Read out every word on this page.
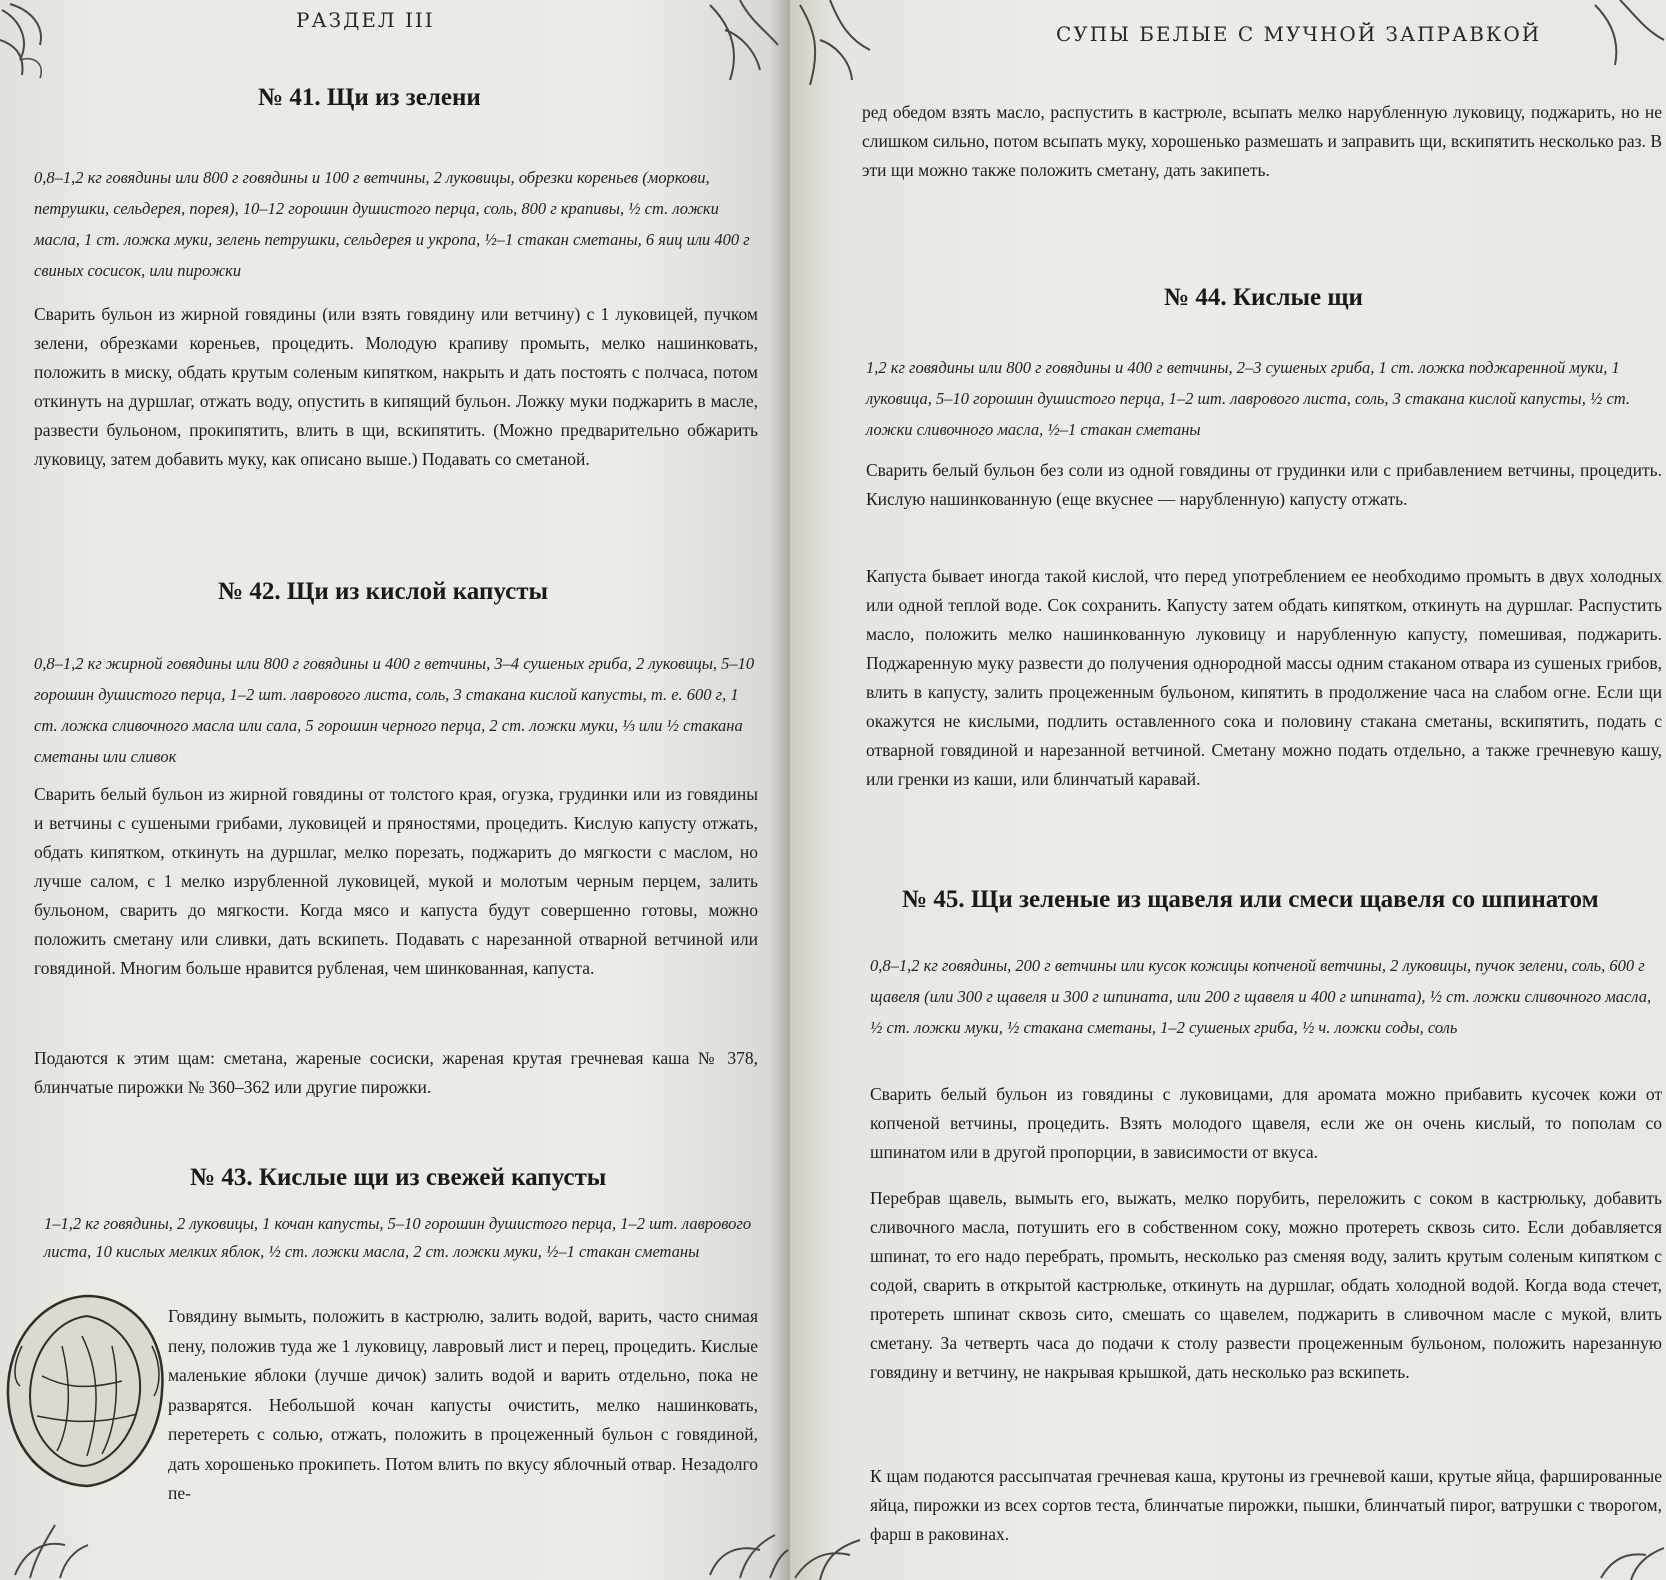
РАЗДЕЛ III
№ 41. Щи из зелени
0,8–1,2 кг говядины или 800 г говядины и 100 г ветчины, 2 луковицы, обрезки кореньев (моркови, петрушки, сельдерея, порея), 10–12 горошин душистого перца, соль, 800 г крапивы, ½ ст. ложки масла, 1 ст. ложка муки, зелень петрушки, сельдерея и укропа, ½–1 стакан сметаны, 6 яиц или 400 г свиных сосисок, или пирожки
Сварить бульон из жирной говядины (или взять говядину или ветчину) с 1 луковицей, пучком зелени, обрезками кореньев, процедить. Молодую крапиву промыть, мелко нашинковать, положить в миску, обдать крутым соленым кипятком, накрыть и дать постоять с полчаса, потом откинуть на дуршлаг, отжать воду, опустить в кипящий бульон. Ложку муки поджарить в масле, развести бульоном, прокипятить, влить в щи, вскипятить. (Можно предварительно обжарить луковицу, затем добавить муку, как описано выше.) Подавать со сметаной.
№ 42. Щи из кислой капусты
0,8–1,2 кг жирной говядины или 800 г говядины и 400 г ветчины, 3–4 сушеных гриба, 2 луковицы, 5–10 горошин душистого перца, 1–2 шт. лаврового листа, соль, 3 стакана кислой капусты, т. е. 600 г, 1 ст. ложка сливочного масла или сала, 5 горошин черного перца, 2 ст. ложки муки, ⅓ или ½ стакана сметаны или сливок
Сварить белый бульон из жирной говядины от толстого края, огузка, грудинки или из говядины и ветчины с сушеными грибами, луковицей и пряностями, процедить. Кислую капусту отжать, обдать кипятком, откинуть на дуршлаг, мелко порезать, поджарить до мягкости с маслом, но лучше салом, с 1 мелко изрубленной луковицей, мукой и молотым черным перцем, залить бульоном, сварить до мягкости. Когда мясо и капуста будут совершенно готовы, можно положить сметану или сливки, дать вскипеть. Подавать с нарезанной отварной ветчиной или говядиной. Многим больше нравится рубленая, чем шинкованная, капуста.
Подаются к этим щам: сметана, жареные сосиски, жареная крутая гречневая каша № 378, блинчатые пирожки № 360–362 или другие пирожки.
№ 43. Кислые щи из свежей капусты
1–1,2 кг говядины, 2 луковицы, 1 кочан капусты, 5–10 горошин душистого перца, 1–2 шт. лаврового листа, 10 кислых мелких яблок, ½ ст. ложки масла, 2 ст. ложки муки, ½–1 стакан сметаны
Говядину вымыть, положить в кастрюлю, залить водой, варить, часто снимая пену, положив туда же 1 луковицу, лавровый лист и перец, процедить. Кислые маленькие яблоки (лучше дичок) залить водой и варить отдельно, пока не разварятся. Небольшой кочан капусты очистить, мелко нашинковать, перетереть с солью, отжать, положить в процеженный бульон с говядиной, дать хорошенько прокипеть. Потом влить по вкусу яблочный отвар. Незадолго пе-
СУПЫ БЕЛЫЕ С МУЧНОЙ ЗАПРАВКОЙ
ред обедом взять масло, распустить в кастрюле, всыпать мелко нарубленную луковицу, поджарить, но не слишком сильно, потом всыпать муку, хорошенько размешать и заправить щи, вскипятить несколько раз. В эти щи можно также положить сметану, дать закипеть.
№ 44. Кислые щи
1,2 кг говядины или 800 г говядины и 400 г ветчины, 2–3 сушеных гриба, 1 ст. ложка поджаренной муки, 1 луковица, 5–10 горошин душистого перца, 1–2 шт. лаврового листа, соль, 3 стакана кислой капусты, ½ ст. ложки сливочного масла, ½–1 стакан сметаны
Сварить белый бульон без соли из одной говядины от грудинки или с прибавлением ветчины, процедить. Кислую нашинкованную (еще вкуснее — нарубленную) капусту отжать.
Капуста бывает иногда такой кислой, что перед употреблением ее необходимо промыть в двух холодных или одной теплой воде. Сок сохранить. Капусту затем обдать кипятком, откинуть на дуршлаг. Распустить масло, положить мелко нашинкованную луковицу и нарубленную капусту, помешивая, поджарить. Поджаренную муку развести до получения однородной массы одним стаканом отвара из сушеных грибов, влить в капусту, залить процеженным бульоном, кипятить в продолжение часа на слабом огне. Если щи окажутся не кислыми, подлить оставленного сока и половину стакана сметаны, вскипятить, подать с отварной говядиной и нарезанной ветчиной. Сметану можно подать отдельно, а также гречневую кашу, или гренки из каши, или блинчатый каравай.
№ 45. Щи зеленые из щавеля или смеси щавеля со шпинатом
0,8–1,2 кг говядины, 200 г ветчины или кусок кожицы копченой ветчины, 2 луковицы, пучок зелени, соль, 600 г щавеля (или 300 г щавеля и 300 г шпината, или 200 г щавеля и 400 г шпината), ½ ст. ложки сливочного масла, ½ ст. ложки муки, ½ стакана сметаны, 1–2 сушеных гриба, ½ ч. ложки соды, соль
Сварить белый бульон из говядины с луковицами, для аромата можно прибавить кусочек кожи от копченой ветчины, процедить. Взять молодого щавеля, если же он очень кислый, то пополам со шпинатом или в другой пропорции, в зависимости от вкуса.
Перебрав щавель, вымыть его, выжать, мелко порубить, переложить с соком в кастрюльку, добавить сливочного масла, потушить его в собственном соку, можно протереть сквозь сито. Если добавляется шпинат, то его надо перебрать, промыть, несколько раз сменяя воду, залить крутым соленым кипятком с содой, сварить в открытой кастрюльке, откинуть на дуршлаг, обдать холодной водой. Когда вода стечет, протереть шпинат сквозь сито, смешать со щавелем, поджарить в сливочном масле с мукой, влить сметану. За четверть часа до подачи к столу развести процеженным бульоном, положить нарезанную говядину и ветчину, не накрывая крышкой, дать несколько раз вскипеть.
К щам подаются рассыпчатая гречневая каша, крутоны из гречневой каши, крутые яйца, фаршированные яйца, пирожки из всех сортов теста, блинчатые пирожки, пышки, блинчатый пирог, ватрушки с творогом, фарш в раковинах.
